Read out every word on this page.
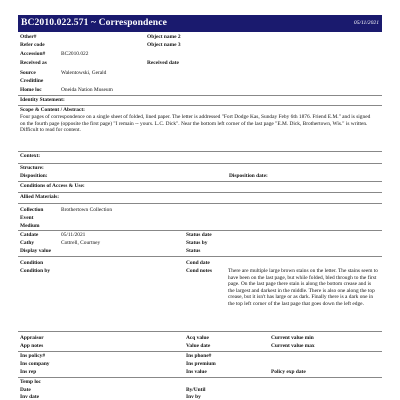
BC2010.022.571 ~ Correspondence	05/11/2021
Other#	Object name 2
Refer code	Object name 3
Accession#	BC2010.022
Received as	Received date
Source	Walentowski, Gerald
Creditline
Home loc	Oneida Nation Museum
Identity Statement:
Scope & Content / Abstract:
Four pages of correspondence on a single sheet of folded, lined paper. The letter is addressed "Fort Dodge Kas, Sunday Febу 6th 1876. Friend E.M." and is signed on the fourth page (opposite the first page) "I remain -- yours. L.C. Dick". Near the bottom left corner of the last page "E.M. Dick, Brothertown, Wis." is written. Difficult to read for content.
Context:
Structure:
Disposition:	Disposition date:
Conditions of Access & Use:
Allied Materials:
Collection	Brothertown Collection
Event
Medium
Catdate	05/11/2021	Status date
Cathy	Cottrell, Courtney	Status by
Display value	Status
Condition	Cond date
Condition by	Cond notes	There are multiple large brown stains on the letter. The stains seem to have been on the last page, but while folded, bled through to the first page. On the last page there stain is along the bottom crease and is the largest and darkest in the middle. There is also one along the top crease, but it isn't has large or as dark. Finally there is a dark one in the top left corner of the last page that goes down the left edge.
Appraisor	Acq value	Current value min
App notes	Value date	Current value max
Ins policy#	Ins phone#
Ins company	Ins premium
Ins rep	Ins value	Policy exp date
Temp loc
Date	By/Until
Inv date	Inv by
